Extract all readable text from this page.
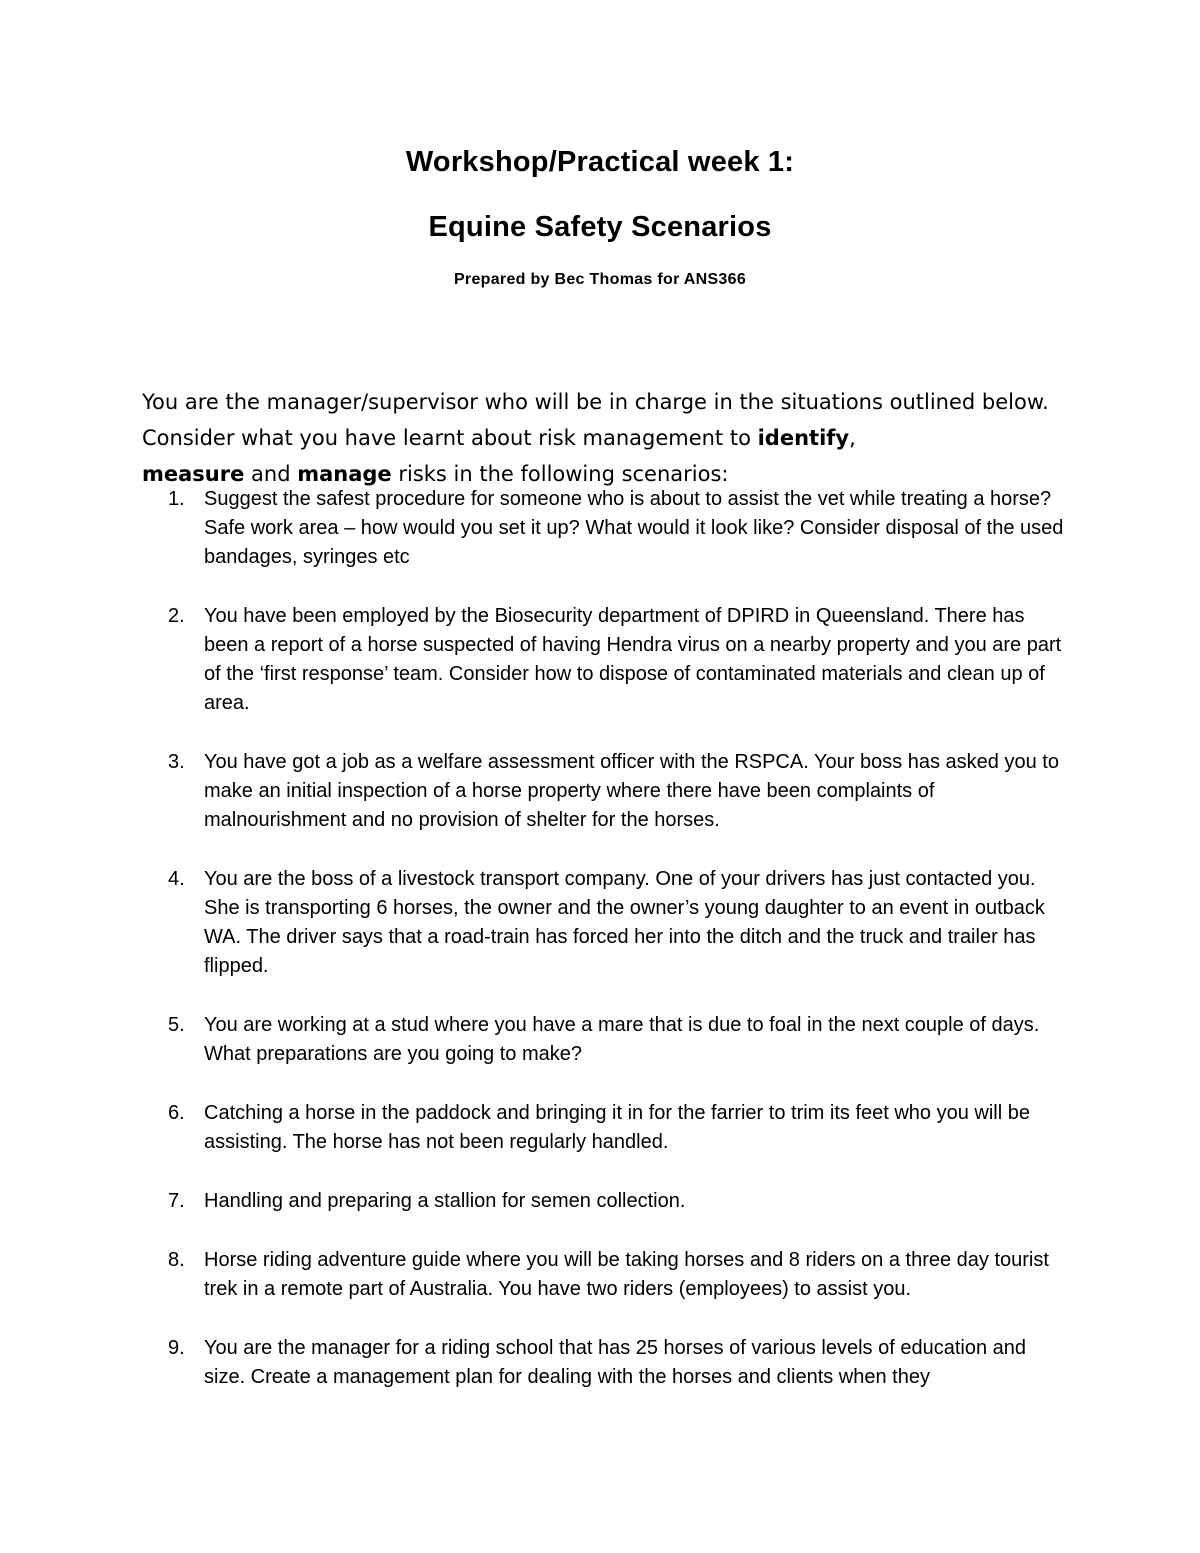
Workshop/Practical week 1:
Equine Safety Scenarios
Prepared by Bec Thomas for ANS366

You are the manager/supervisor who will be in charge in the situations outlined below. Consider what you have learnt about risk management to identify,
measure and manage risks in the following scenarios:

1. Suggest the safest procedure for someone who is about to assist the vet while treating a horse? Safe work area – how would you set it up? What would it look like? Consider disposal of the used bandages, syringes etc
2. You have been employed by the Biosecurity department of DPIRD in Queensland. There has been a report of a horse suspected of having Hendra virus on a nearby property and you are part of the ‘first response’ team. Consider how to dispose of contaminated materials and clean up of area.
3. You have got a job as a welfare assessment officer with the RSPCA. Your boss has asked you to make an initial inspection of a horse property where there have been complaints of malnourishment and no provision of shelter for the horses.
4. You are the boss of a livestock transport company. One of your drivers has just contacted you. She is transporting 6 horses, the owner and the owner’s young daughter to an event in outback WA. The driver says that a road-train has forced her into the ditch and the truck and trailer has flipped.
5. You are working at a stud where you have a mare that is due to foal in the next couple of days. What preparations are you going to make?
6. Catching a horse in the paddock and bringing it in for the farrier to trim its feet who you will be assisting. The horse has not been regularly handled.
7. Handling and preparing a stallion for semen collection.
8. Horse riding adventure guide where you will be taking horses and 8 riders on a three day tourist trek in a remote part of Australia. You have two riders (employees) to assist you.
9. You are the manager for a riding school that has 25 horses of various levels of education and size. Create a management plan for dealing with the horses and clients when they
